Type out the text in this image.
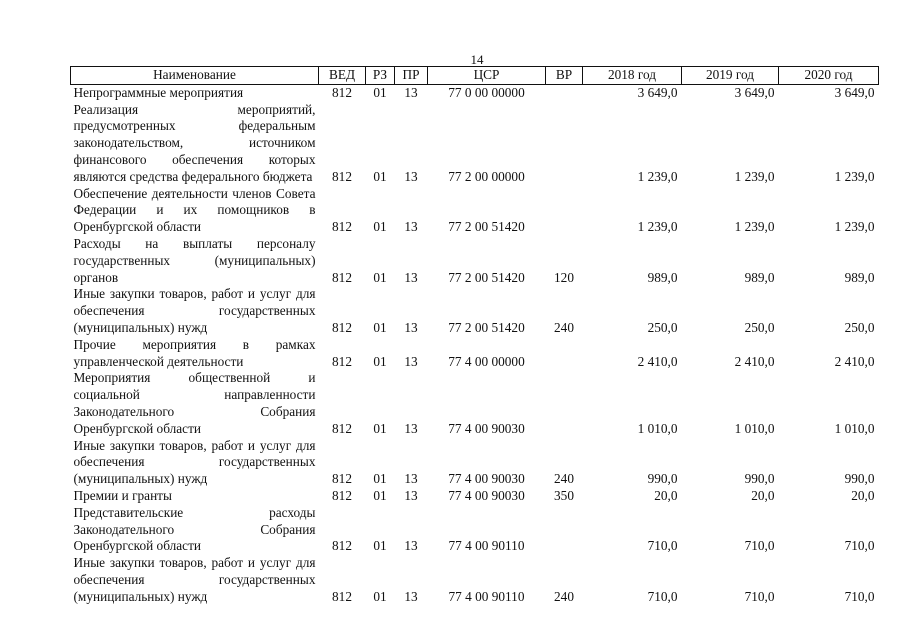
14
Наименование	ВЕД	РЗ	ПР	ЦСР	ВР	2018 год	2019 год	2020 год
Непрограммные мероприятия	812	01	13	77 0 00 00000		3 649,0	3 649,0	3 649,0
Реализация мероприятий, предусмотренных федеральным законодательством, источником финансового обеспечения которых являются средства федерального бюджета	812	01	13	77 2 00 00000		1 239,0	1 239,0	1 239,0
Обеспечение деятельности членов Совета Федерации и их помощников в Оренбургской области	812	01	13	77 2 00 51420		1 239,0	1 239,0	1 239,0
Расходы на выплаты персоналу государственных (муниципальных) органов	812	01	13	77 2 00 51420	120	989,0	989,0	989,0
Иные закупки товаров, работ и услуг для обеспечения государственных (муниципальных) нужд	812	01	13	77 2 00 51420	240	250,0	250,0	250,0
Прочие мероприятия в рамках управленческой деятельности	812	01	13	77 4 00 00000		2 410,0	2 410,0	2 410,0
Мероприятия общественной и социальной направленности Законодательного Собрания Оренбургской области	812	01	13	77 4 00 90030		1 010,0	1 010,0	1 010,0
Иные закупки товаров, работ и услуг для обеспечения государственных (муниципальных) нужд	812	01	13	77 4 00 90030	240	990,0	990,0	990,0
Премии и гранты	812	01	13	77 4 00 90030	350	20,0	20,0	20,0
Представительские расходы Законодательного Собрания Оренбургской области	812	01	13	77 4 00 90110		710,0	710,0	710,0
Иные закупки товаров, работ и услуг для обеспечения государственных (муниципальных) нужд	812	01	13	77 4 00 90110	240	710,0	710,0	710,0
